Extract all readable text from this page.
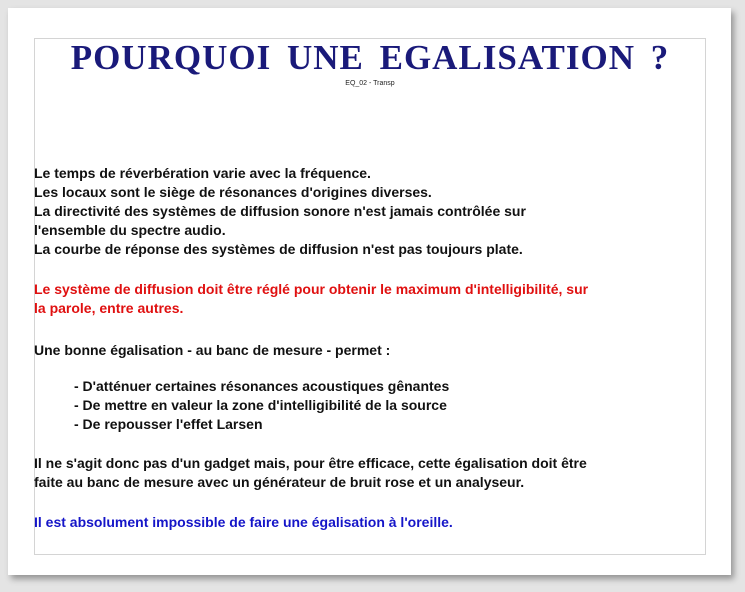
POURQUOI UNE EGALISATION ?
EQ_02 - Transp

Le temps de réverbération varie avec la fréquence.
Les locaux sont le siège de résonances d'origines diverses.
La directivité des systèmes de diffusion sonore n'est jamais contrôlée sur
l'ensemble du spectre audio.
La courbe de réponse des systèmes de diffusion n'est pas toujours plate.

Le système de diffusion doit être réglé pour obtenir le maximum d'intelligibilité, sur
la parole, entre autres.

Une bonne égalisation - au banc de mesure - permet :

- D'atténuer certaines résonances acoustiques gênantes
- De mettre en valeur la zone d'intelligibilité de la source
- De repousser l'effet Larsen

Il ne s'agit donc pas d'un gadget mais, pour être efficace, cette égalisation doit être
faite au banc de mesure avec un générateur de bruit rose et un analyseur.

Il est absolument impossible de faire une égalisation à l'oreille.
